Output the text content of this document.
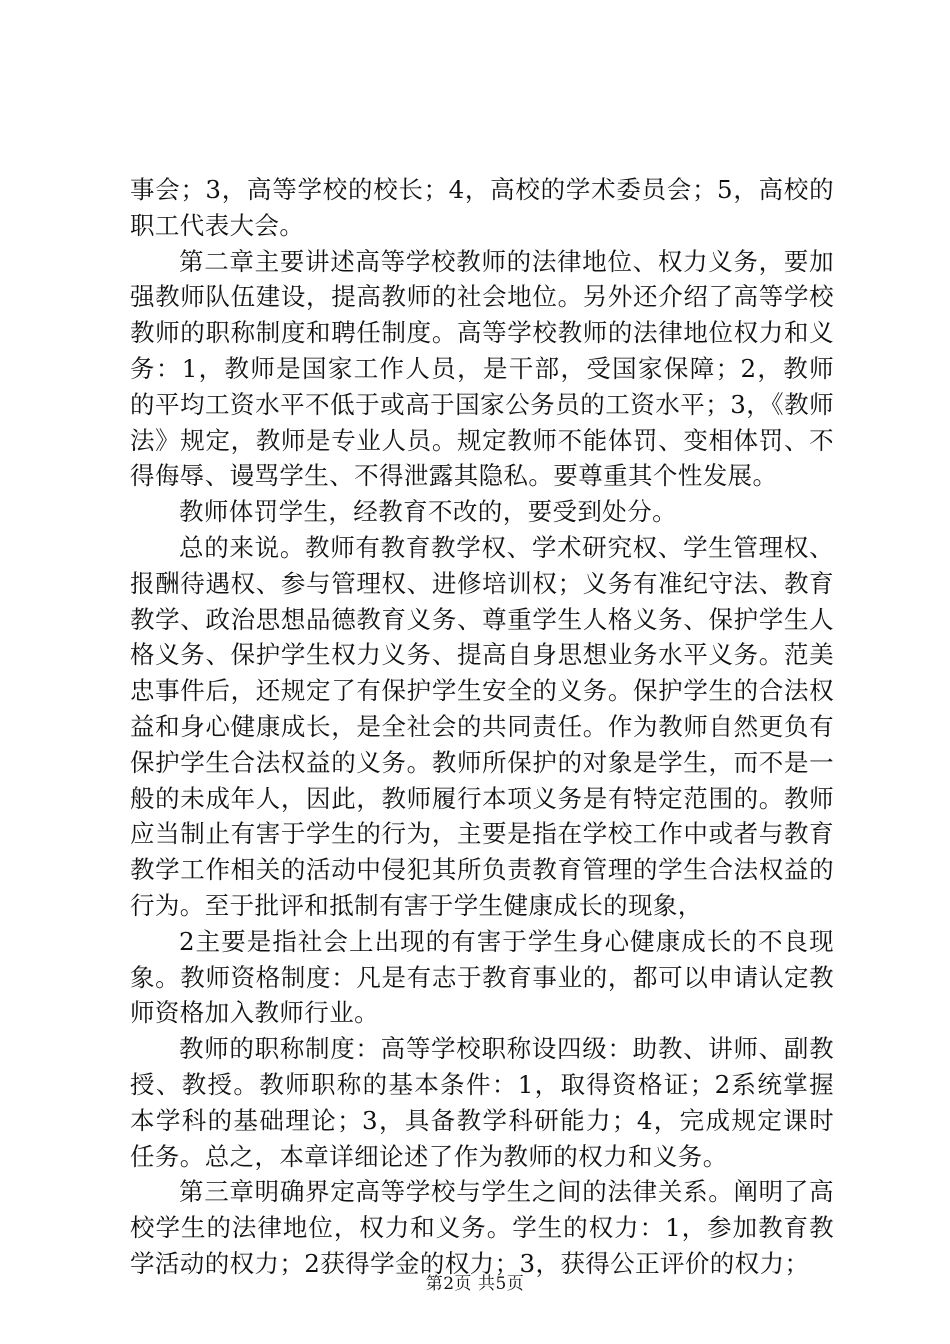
事会；3，高等学校的校长；4，高校的学术委员会；5，高校的职工代表大会。

第二章主要讲述高等学校教师的法律地位、权力义务，要加强教师队伍建设，提高教师的社会地位。另外还介绍了高等学校教师的职称制度和聘任制度。高等学校教师的法律地位权力和义务：1，教师是国家工作人员，是干部，受国家保障；2，教师的平均工资水平不低于或高于国家公务员的工资水平；3，《教师法》规定，教师是专业人员。规定教师不能体罚、变相体罚、不得侮辱、谩骂学生、不得泄露其隐私。要尊重其个性发展。

教师体罚学生，经教育不改的，要受到处分。

总的来说。教师有教育教学权、学术研究权、学生管理权、报酬待遇权、参与管理权、进修培训权；义务有准纪守法、教育教学、政治思想品德教育义务、尊重学生人格义务、保护学生人格义务、保护学生权力义务、提高自身思想业务水平义务。范美忠事件后，还规定了有保护学生安全的义务。保护学生的合法权益和身心健康成长，是全社会的共同责任。作为教师自然更负有保护学生合法权益的义务。教师所保护的对象是学生，而不是一般的未成年人，因此，教师履行本项义务是有特定范围的。教师应当制止有害于学生的行为，主要是指在学校工作中或者与教育教学工作相关的活动中侵犯其所负责教育管理的学生合法权益的行为。至于批评和抵制有害于学生健康成长的现象，

2主要是指社会上出现的有害于学生身心健康成长的不良现象。教师资格制度：凡是有志于教育事业的，都可以申请认定教师资格加入教师行业。

教师的职称制度：高等学校职称设四级：助教、讲师、副教授、教授。教师职称的基本条件：1，取得资格证；2系统掌握本学科的基础理论；3，具备教学科研能力；4，完成规定课时任务。总之，本章详细论述了作为教师的权力和义务。

第三章明确界定高等学校与学生之间的法律关系。阐明了高校学生的法律地位，权力和义务。学生的权力：1，参加教育教学活动的权力；2获得学金的权力；3，获得公正评价的权力；

第2页 共5页
